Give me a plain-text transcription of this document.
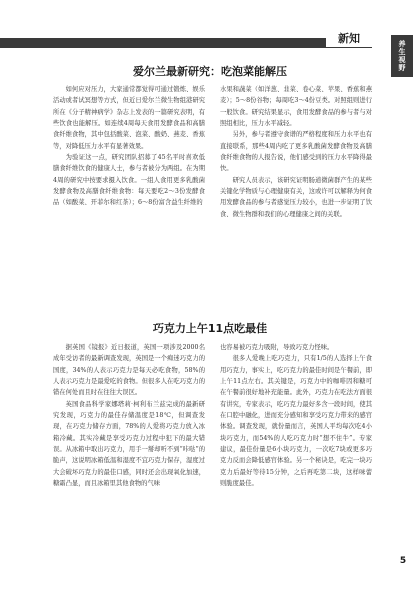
新知
养生视野
爱尔兰最新研究：吃泡菜能解压

如何应对压力，大家通常都觉得可通过锻炼、娱乐活动或者试冥想等方式，但近日爱尔兰微生物组港研究所在《分子精神病学》杂志上发表的一篇研究表明，有些饮食也能解压。如连续4周每天食用发酵食品和高膳食纤维食物，其中包括酸菜、泡菜、酸奶、燕麦、香蕉等，对降低压力水平有显著效果。

为验证这一点，研究团队招募了45名平时喜欢低膳食纤维饮食的健康人士，参与者被分为两组。在为期4周的研究中按要求摄入饮食。一组人食用更多乳酸菌发酵食物及高膳食纤维食物：每天要吃2～3份发酵食品（如酸菜、开菲尔和红茶）；6～8份富含益生纤维的

水果和蔬菜（如洋葱、韭菜、卷心菜、苹果、香蕉和燕麦）；5～8份谷物；每周吃3～4份豆类。对照组则进行一般饮食。研究结果显示，食用发酵食品的参与者与对照组相比，压力水平减轻。

另外，参与者遵守食谱的严格程度和压力水平也有直接联系，那些4周内吃了更多乳酸菌发酵食物及高膳食纤维食物的人报告说，他们感受到的压力水平降得最快。

研究人员表示，该研究证明肠道微菌群产生的某些关键化学物质与心理健康有关，这或许可以解释为何食用发酵食品的参与者感觉压力较小，也进一步证明了饮食、微生物群和我们的心理健康之间的关联。

巧克力上午11点吃最佳

据英国《镜报》近日报道，英国一项涉及2000名成年受访者的最新调查发现，英国是一个痴迷巧克力的国度，34%的人表示巧克力是每天必吃食物，58%的人表示巧克力是最爱吃的食物。但很多人在吃巧克力的错在何处而且时在往往大误区。

英国食品科学家娜塔莉·柯利布兰兹完成的最新研究发现，巧克力的最佳存储温度是18℃，但调查发现，在巧克力储存方面，78%的人爱将巧克力放入冰箱冷藏。其实冷藏是享受巧克力过程中犯下的最大错误。从冰箱中取出巧克力，用手一掰却听不到“咔哒”的脆声，这说明冰箱低温和湿度不宜巧克力保存，湿度过大会破坏巧克力的最佳口感，同时还会出现氧化加速，糖霜凸显，而且冰箱里其他食物的气味

也容易被巧克力吸附，导致巧克力怪味。

很多人爱晚上吃巧克力，只有1/5的人选择上午食用巧克力，事实上，吃巧克力的最佳时间是午餐前，即上午11点左右。其关键是，巧克力中的咖啡因和糖可在午餐前很好地补充能量。此外，巧克力在吃法方面很有讲究，专家表示，吃巧克力最好多含一段时间，使其在口腔中融化，进而充分感知和享受巧克力带来的感官体验。调查发现，就份量而言，英国人平均每次吃4小块巧克力，而54%的人吃巧克力时“想不住牛”。专家建议，最佳份量是6小块巧克力，一次吃7块或更多巧克力反而会降低感官体验。另一个秘诀是，吃完一块巧克力后最好等待15分钟，之后再吃第二块，这样味蕾则脆度最佳。

5
